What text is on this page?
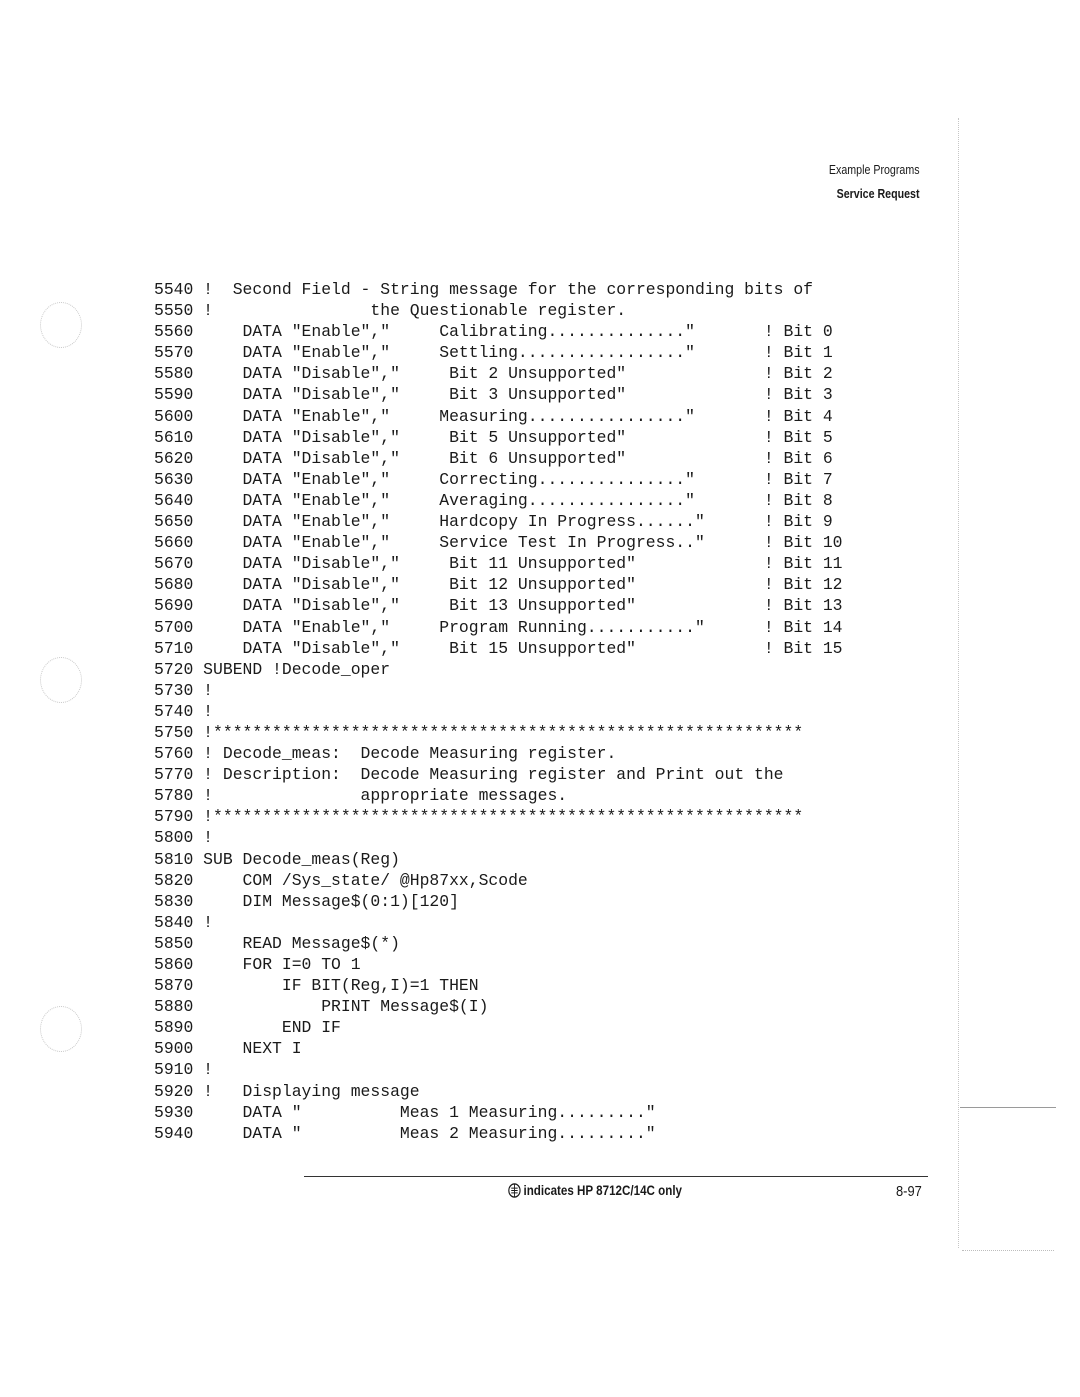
Example Programs
Service Request
5540 !  Second Field - String message for the corresponding bits of
5550 !                the Questionable register.
5560     DATA "Enable","     Calibrating.............."       ! Bit 0
5570     DATA "Enable","     Settling................."       ! Bit 1
5580     DATA "Disable","     Bit 2 Unsupported"              ! Bit 2
5590     DATA "Disable","     Bit 3 Unsupported"              ! Bit 3
5600     DATA "Enable","     Measuring................"       ! Bit 4
5610     DATA "Disable","     Bit 5 Unsupported"              ! Bit 5
5620     DATA "Disable","     Bit 6 Unsupported"              ! Bit 6
5630     DATA "Enable","     Correcting..............."       ! Bit 7
5640     DATA "Enable","     Averaging................"       ! Bit 8
5650     DATA "Enable","     Hardcopy In Progress......"      ! Bit 9
5660     DATA "Enable","     Service Test In Progress.."      ! Bit 10
5670     DATA "Disable","     Bit 11 Unsupported"             ! Bit 11
5680     DATA "Disable","     Bit 12 Unsupported"             ! Bit 12
5690     DATA "Disable","     Bit 13 Unsupported"             ! Bit 13
5700     DATA "Enable","     Program Running..........."      ! Bit 14
5710     DATA "Disable","     Bit 15 Unsupported"             ! Bit 15
5720 SUBEND !Decode_oper
5730 !
5740 !
5750 !************************************************************
5760 ! Decode_meas:  Decode Measuring register.
5770 ! Description:  Decode Measuring register and Print out the
5780 !               appropriate messages.
5790 !************************************************************
5800 !
5810 SUB Decode_meas(Reg)
5820     COM /Sys_state/ @Hp87xx,Scode
5830     DIM Message$(0:1)[120]
5840 !
5850     READ Message$(*)
5860     FOR I=0 TO 1
5870         IF BIT(Reg,I)=1 THEN
5880             PRINT Message$(I)
5890         END IF
5900     NEXT I
5910 !
5920 !   Displaying message
5930     DATA "          Meas 1 Measuring........."
5940     DATA "          Meas 2 Measuring........."
indicates HP 8712C/14C only	8-97
